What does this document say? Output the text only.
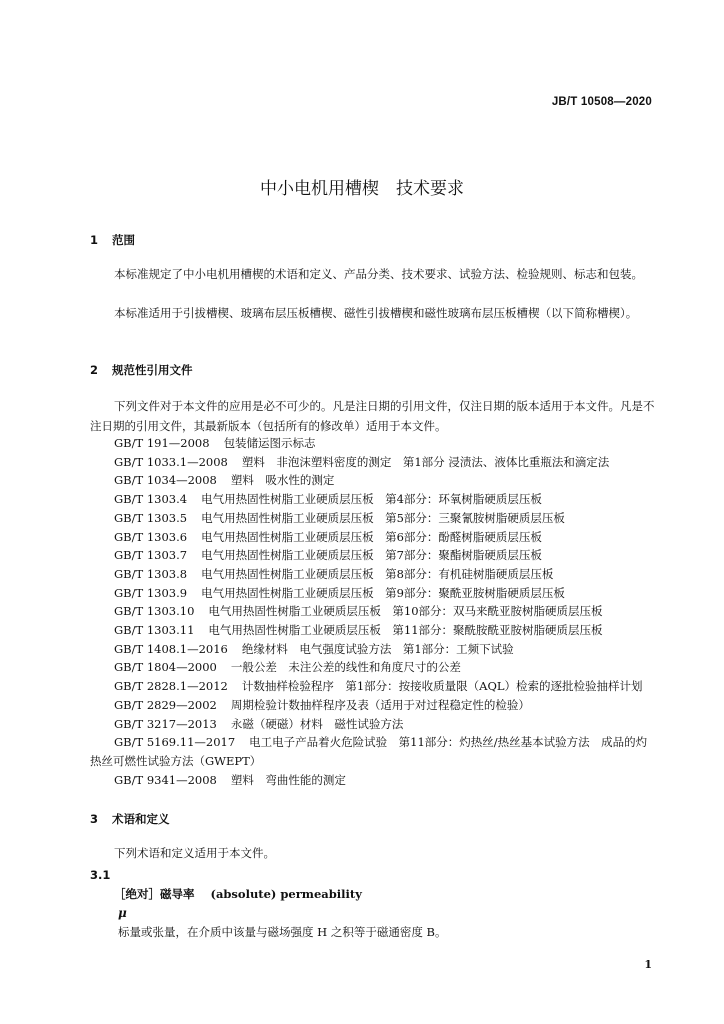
JB/T 10508—2020
中小电机用槽楔　技术要求
1 范围
本标准规定了中小电机用槽楔的术语和定义、产品分类、技术要求、试验方法、检验规则、标志和包装。
本标准适用于引拔槽楔、玻璃布层压板槽楔、磁性引拔槽楔和磁性玻璃布层压板槽楔（以下简称槽楔）。
2 规范性引用文件
下列文件对于本文件的应用是必不可少的。凡是注日期的引用文件，仅注日期的版本适用于本文件。凡是不注日期的引用文件，其最新版本（包括所有的修改单）适用于本文件。
GB/T 191—2008 包装储运图示标志
GB/T 1033.1—2008 塑料　非泡沫塑料密度的测定　第1部分 浸渍法、液体比重瓶法和滴定法
GB/T 1034—2008 塑料　吸水性的测定
GB/T 1303.4 电气用热固性树脂工业硬质层压板　第4部分：环氧树脂硬质层压板
GB/T 1303.5 电气用热固性树脂工业硬质层压板　第5部分：三聚氰胺树脂硬质层压板
GB/T 1303.6 电气用热固性树脂工业硬质层压板　第6部分：酚醛树脂硬质层压板
GB/T 1303.7 电气用热固性树脂工业硬质层压板　第7部分：聚酯树脂硬质层压板
GB/T 1303.8 电气用热固性树脂工业硬质层压板　第8部分：有机硅树脂硬质层压板
GB/T 1303.9 电气用热固性树脂工业硬质层压板　第9部分：聚酰亚胺树脂硬质层压板
GB/T 1303.10 电气用热固性树脂工业硬质层压板　第10部分：双马来酰亚胺树脂硬质层压板
GB/T 1303.11 电气用热固性树脂工业硬质层压板　第11部分：聚酰胺酰亚胺树脂硬质层压板
GB/T 1408.1—2016 绝缘材料　电气强度试验方法　第1部分：工频下试验
GB/T 1804—2000 一般公差　未注公差的线性和角度尺寸的公差
GB/T 2828.1—2012 计数抽样检验程序　第1部分：按接收质量限（AQL）检索的逐批检验抽样计划
GB/T 2829—2002 周期检验计数抽样程序及表（适用于对过程稳定性的检验）
GB/T 3217—2013 永磁（硬磁）材料　磁性试验方法
GB/T 5169.11—2017 电工电子产品着火危险试验　第11部分：灼热丝/热丝基本试验方法　成品的灼热丝可燃性试验方法（GWEPT）
GB/T 9341—2008 塑料　弯曲性能的测定
3 术语和定义
下列术语和定义适用于本文件。
3.1
［绝对］磁导率 (absolute) permeability
μ
标量或张量，在介质中该量与磁场强度 H 之积等于磁通密度 B。
1
